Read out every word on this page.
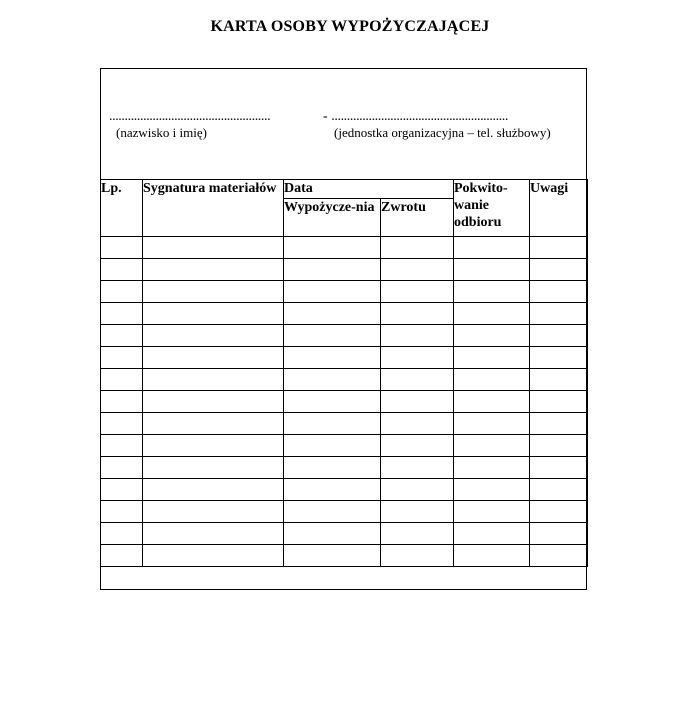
KARTA OSOBY WYPOŻYCZAJĄCEJ
....................................................	- .........................................................
(nazwisko i imię)	(jednostka organizacyjna – tel. służbowy)
Lp.	Sygnatura materiałów	Data		Pokwito-wanie odbioru	Uwagi
		Wypożycze-nia	Zwrotu		
